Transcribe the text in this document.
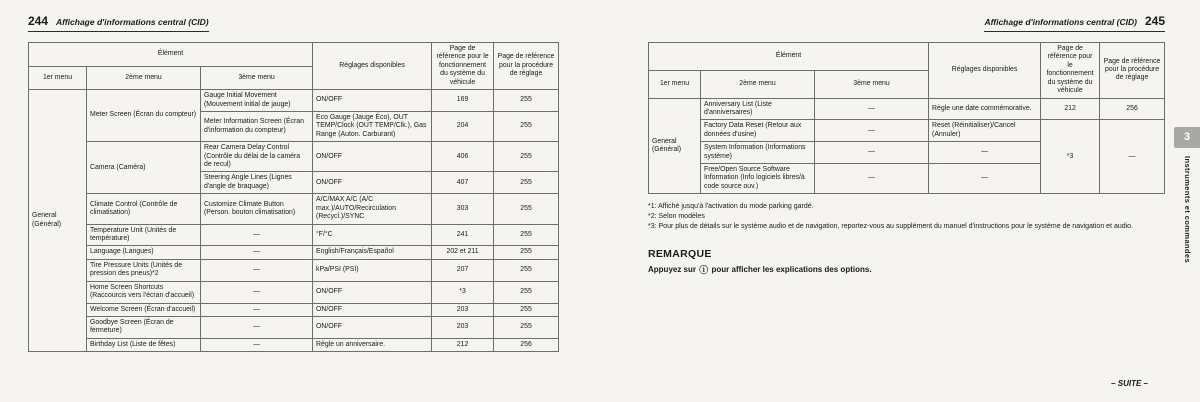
244 Affichage d'informations central (CID)
Élément			Réglages disponibles	Page de référence pour le fonctionnement du système du véhicule	Page de référence pour la procédure de réglage
1er menu	2ème menu	3ème menu			
General (Général)	Meter Screen (Écran du compteur)	Gauge Initial Movement (Mouvement initial de jauge)	ON/OFF	169	255
		Meter Information Screen (Écran d'information du compteur)	Eco Gauge (Jauge Éco), OUT TEMP/Clock (OUT TEMP/Clk.), Gas Range (Auton. Carburant)	204	255
	Camera (Caméra)	Rear Camera Delay Control (Contrôle du délai de la caméra de recul)	ON/OFF	406	255
		Steering Angle Lines (Lignes d'angle de braquage)	ON/OFF	407	255
	Climate Control (Contrôle de climatisation)	Customize Climate Button (Person. bouton climatisation)	A/C/MAX A/C (A/C max.)/AUTO/Recirculation (Recycl.)/SYNC	303	255
	Temperature Unit (Unités de température)	—	°F/°C	241	255
	Language (Langues)	—	English/Français/Español	202 et 211	255
	Tire Pressure Units (Unités de pression des pneus)*2	—	kPa/PSI (PSI)	207	255
	Home Screen Shortcuts (Raccourcis vers l'écran d'accueil)	—	ON/OFF	*3	255
	Welcome Screen (Écran d'accueil)	—	ON/OFF	203	255
	Goodbye Screen (Écran de fermeture)	—	ON/OFF	203	255
	Birthday List (Liste de fêtes)	—	Règle un anniversaire.	212	256
Affichage d'informations central (CID) 245
Élément			Réglages disponibles	Page de référence pour le fonctionnement du système du véhicule	Page de référence pour la procédure de réglage
1er menu	2ème menu	3ème menu			
General (Général)	Anniversary List (Liste d'anniversaires)	—	Règle une date commémorative.	212	256
	Factory Data Reset (Retour aux données d'usine)	—	Reset (Réinitialiser)/Cancel (Annuler)	*3	—
	System Information (Informations système)	—	—		
	Free/Open Source Software Information (Info logiciels libres/à code source ouv.)	—	—		
*1: Affiché jusqu'à l'activation du mode parking gardé.
*2: Selon modèles
*3: Pour plus de détails sur le système audio et de navigation, reportez-vous au supplément du manuel d'instructions pour le système de navigation et audio.
REMARQUE
Appuyez sur ⓘ pour afficher les explications des options.
– SUITE –
3
Instruments et commandes
